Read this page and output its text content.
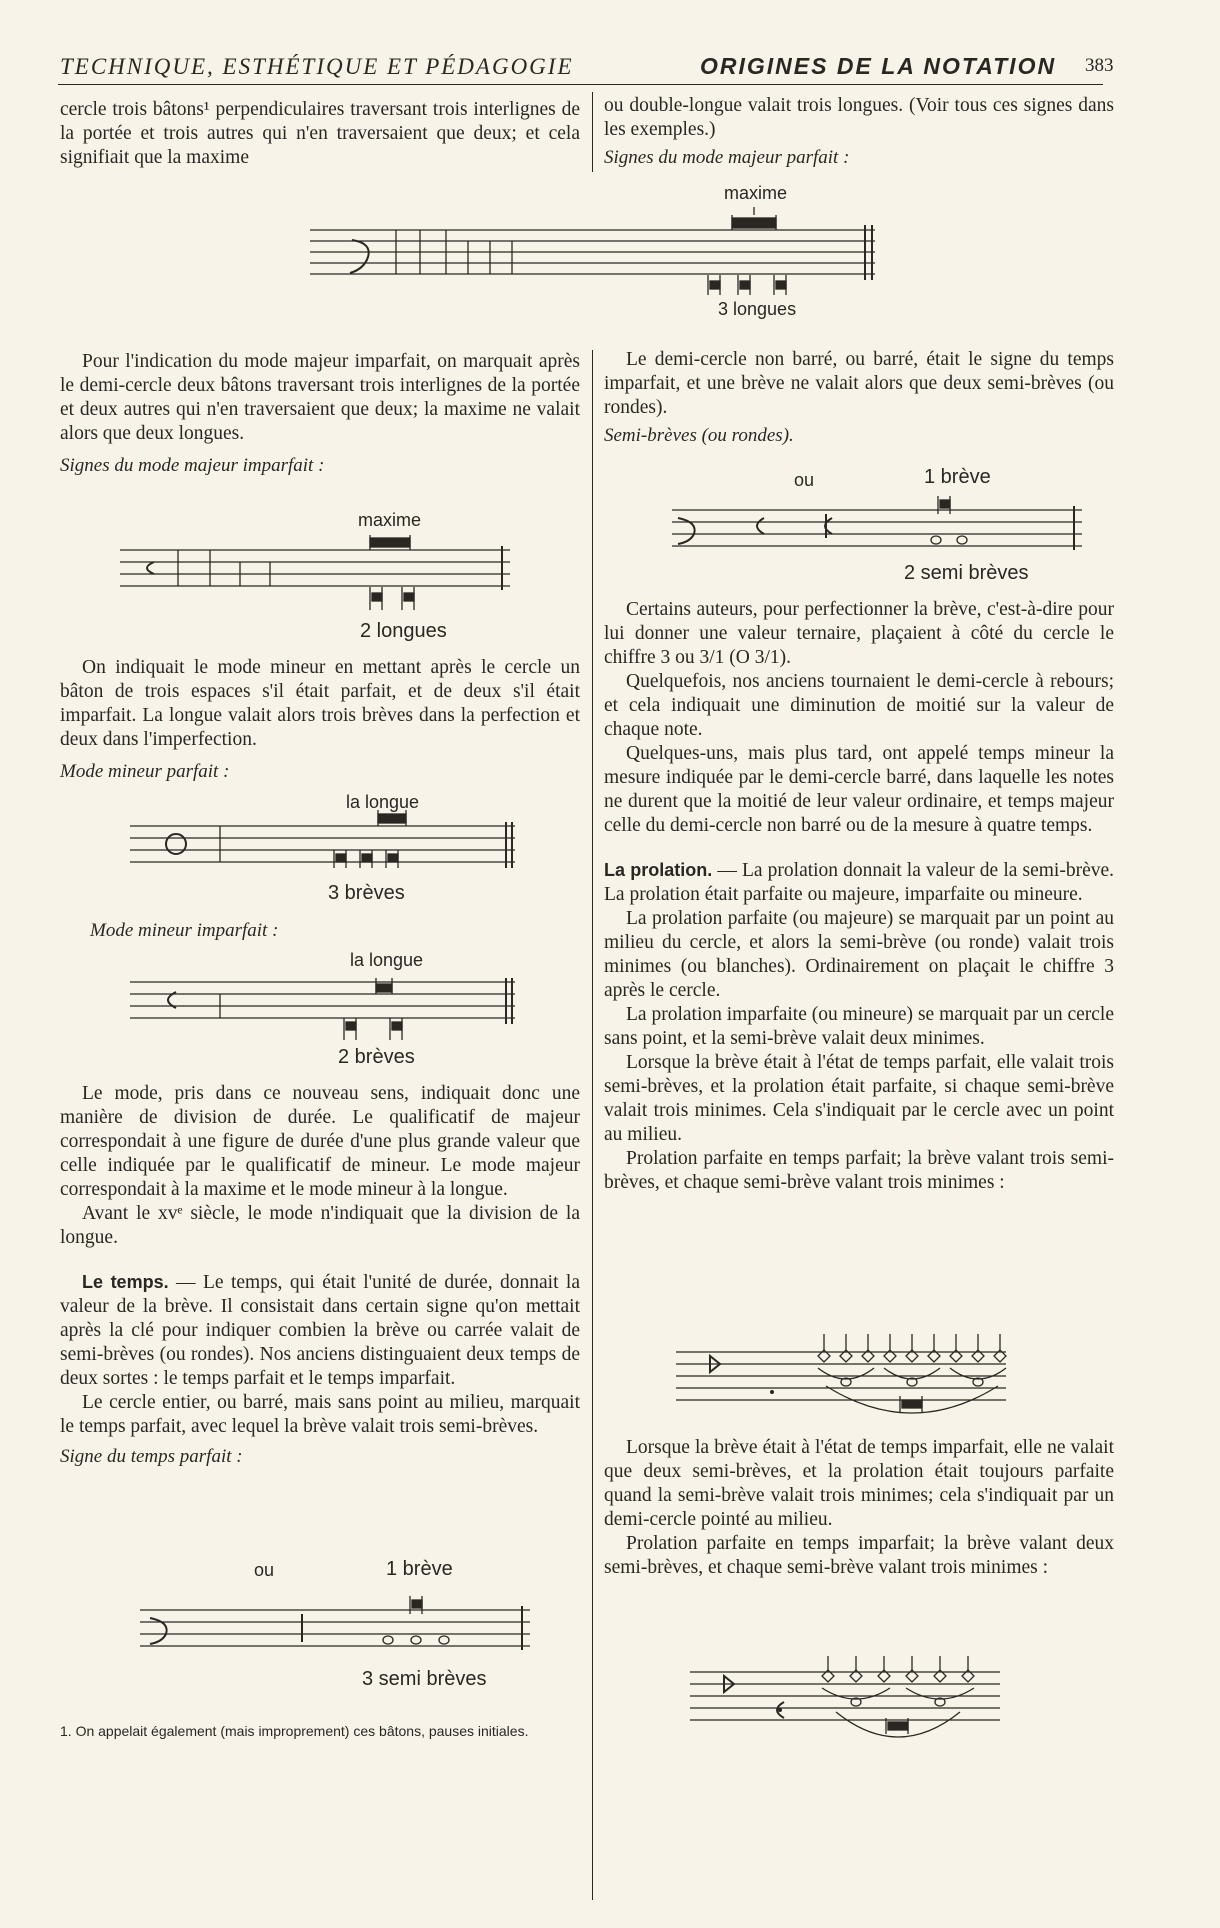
TECHNIQUE, ESTHÉTIQUE ET PÉDAGOGIE	ORIGINES DE LA NOTATION 383

cercle trois bâtons¹ perpendiculaires traversant trois interlignes de la portée et trois autres qui n'en traversaient que deux; et cela signifiait que la maxime

ou double-longue valait trois longues. (Voir tous ces signes dans les exemples.)

Signes du mode majeur parfait :

maxime
3 longues

Pour l'indication du mode majeur imparfait, on marquait après le demi-cercle deux bâtons traversant trois interlignes de la portée et deux autres qui n'en traversaient que deux; la maxime ne valait alors que deux longues.

Signes du mode majeur imparfait :

maxime
2 longues

On indiquait le mode mineur en mettant après le cercle un bâton de trois espaces s'il était parfait, et de deux s'il était imparfait. La longue valait alors trois brèves dans la perfection et deux dans l'imperfection.

Mode mineur parfait :

la longue
3 brèves
Mode mineur imparfait :
la longue
2 brèves

Le mode, pris dans ce nouveau sens, indiquait donc une manière de division de durée. Le qualificatif de majeur correspondait à une figure de durée d'une plus grande valeur que celle indiquée par le qualificatif de mineur. Le mode majeur correspondait à la maxime et le mode mineur à la longue.

Avant le xvᵉ siècle, le mode n'indiquait que la division de la longue.

Le temps. — Le temps, qui était l'unité de durée, donnait la valeur de la brève. Il consistait dans certain signe qu'on mettait après la clé pour indiquer combien la brève ou carrée valait de semi-brèves (ou rondes). Nos anciens distinguaient deux temps de deux sortes : le temps parfait et le temps imparfait.

Le cercle entier, ou barré, mais sans point au milieu, marquait le temps parfait, avec lequel la brève valait trois semi-brèves.

Signe du temps parfait :

ou	1 brève
3 semi brèves
1. On appelait également (mais improprement) ces bâtons, pauses initiales.

Le demi-cercle non barré, ou barré, était le signe du temps imparfait, et une brève ne valait alors que deux semi-brèves (ou rondes).

Semi-brèves (ou rondes).

ou	1 brève
2 semi brèves

Certains auteurs, pour perfectionner la brève, c'est-à-dire pour lui donner une valeur ternaire, plaçaient à côté du cercle le chiffre 3 ou 3/1 (O 3/1).

Quelquefois, nos anciens tournaient le demi-cercle à rebours; et cela indiquait une diminution de moitié sur la valeur de chaque note.

Quelques-uns, mais plus tard, ont appelé temps mineur la mesure indiquée par le demi-cercle barré, dans laquelle les notes ne durent que la moitié de leur valeur ordinaire, et temps majeur celle du demi-cercle non barré ou de la mesure à quatre temps.

La prolation. — La prolation donnait la valeur de la semi-brève. La prolation était parfaite ou majeure, imparfaite ou mineure.

La prolation parfaite (ou majeure) se marquait par un point au milieu du cercle, et alors la semi-brève (ou ronde) valait trois minimes (ou blanches). Ordinairement on plaçait le chiffre 3 après le cercle.

La prolation imparfaite (ou mineure) se marquait par un cercle sans point, et la semi-brève valait deux minimes.

Lorsque la brève était à l'état de temps parfait, elle valait trois semi-brèves, et la prolation était parfaite, si chaque semi-brève valait trois minimes. Cela s'indiquait par le cercle avec un point au milieu.

Prolation parfaite en temps parfait; la brève valant trois semi-brèves, et chaque semi-brève valant trois minimes :

Lorsque la brève était à l'état de temps imparfait, elle ne valait que deux semi-brèves, et la prolation était toujours parfaite quand la semi-brève valait trois minimes; cela s'indiquait par un demi-cercle pointé au milieu.

Prolation parfaite en temps imparfait; la brève valant deux semi-brèves, et chaque semi-brève valant trois minimes :
